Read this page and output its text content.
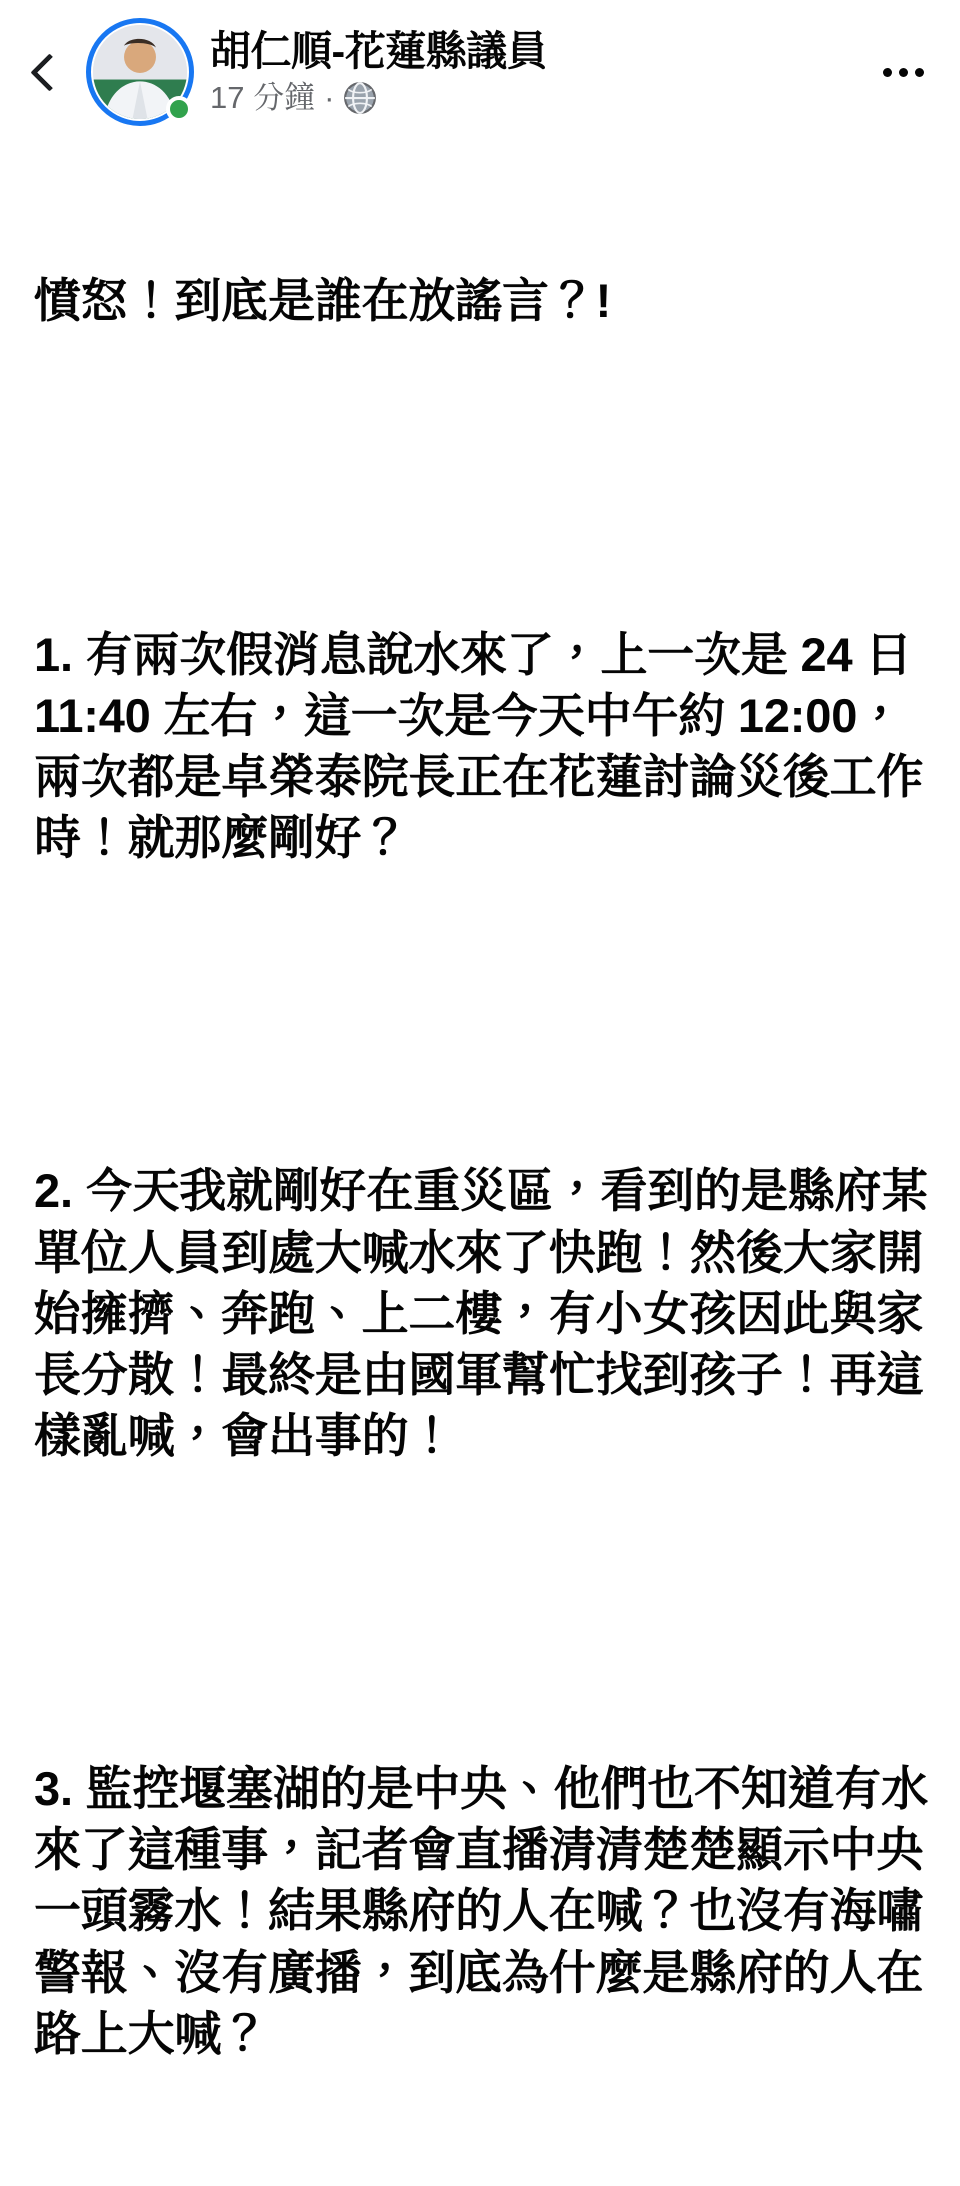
胡仁順-花蓮縣議員
17 分鐘 ·

憤怒！到底是誰在放謠言？!

1. 有兩次假消息說水來了，上一次是 24 日 11:40 左右，這一次是今天中午約 12:00，兩次都是卓榮泰院長正在花蓮討論災後工作時！就那麼剛好？

2. 今天我就剛好在重災區，看到的是縣府某單位人員到處大喊水來了快跑！然後大家開始擁擠、奔跑、上二樓，有小女孩因此與家長分散！最終是由國軍幫忙找到孩子！再這樣亂喊，會出事的！

3. 監控堰塞湖的是中央、他們也不知道有水來了這種事，記者會直播清清楚楚顯示中央一頭霧水！結果縣府的人在喊？也沒有海嘯警報、沒有廣播，到底為什麼是縣府的人在路上大喊？
